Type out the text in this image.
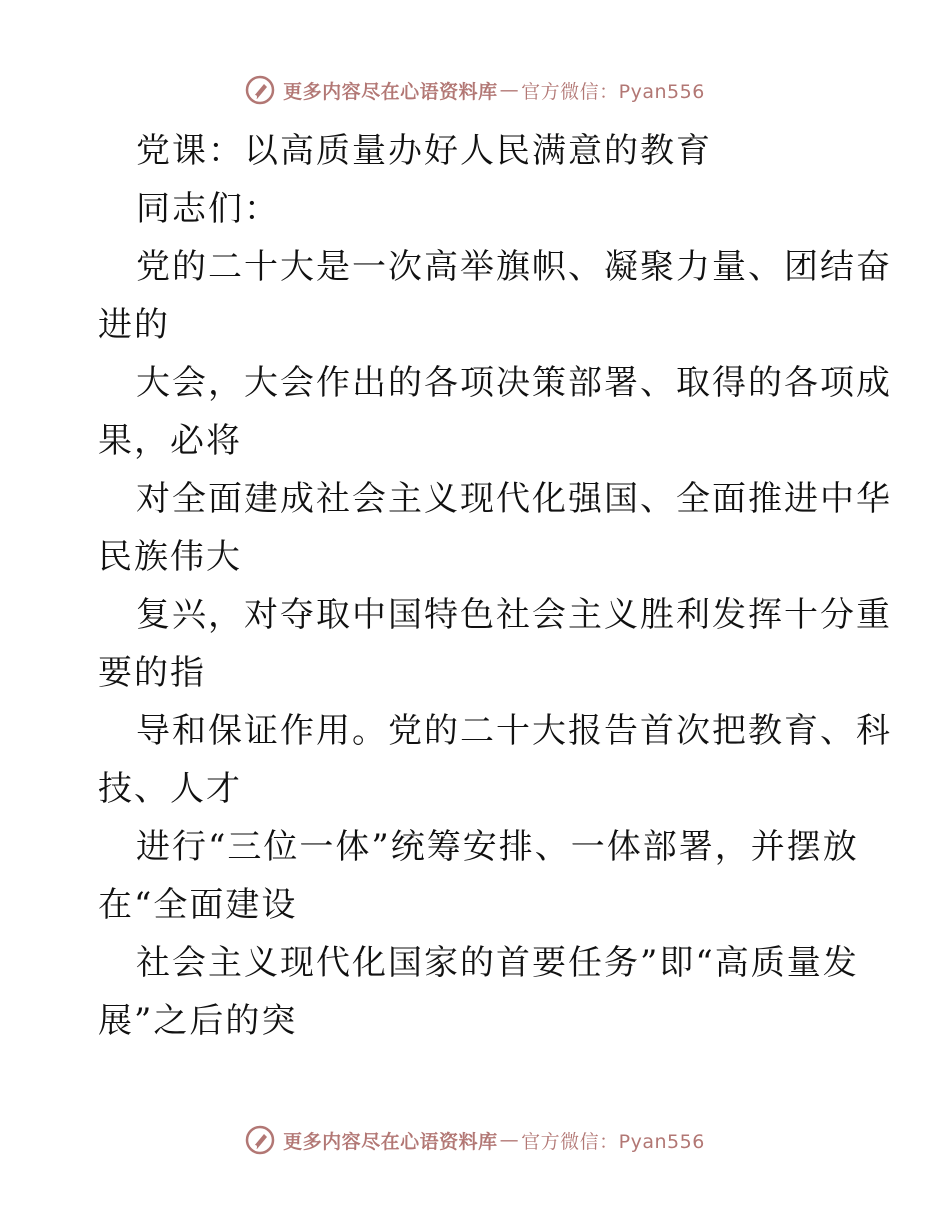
更多内容尽在心语资料库 — 官方微信：Pyan556
党课：以高质量办好人民满意的教育
同志们：
党的二十大是一次高举旗帜、凝聚力量、团结奋
进的
大会，大会作出的各项决策部署、取得的各项成
果，必将
对全面建成社会主义现代化强国、全面推进中华
民族伟大
复兴，对夺取中国特色社会主义胜利发挥十分重
要的指
导和保证作用。党的二十大报告首次把教育、科
技、人才
进行“三位一体”统筹安排、一体部署，并摆放
在“全面建设
社会主义现代化国家的首要任务”即“高质量发
展”之后的突
更多内容尽在心语资料库 — 官方微信：Pyan556
